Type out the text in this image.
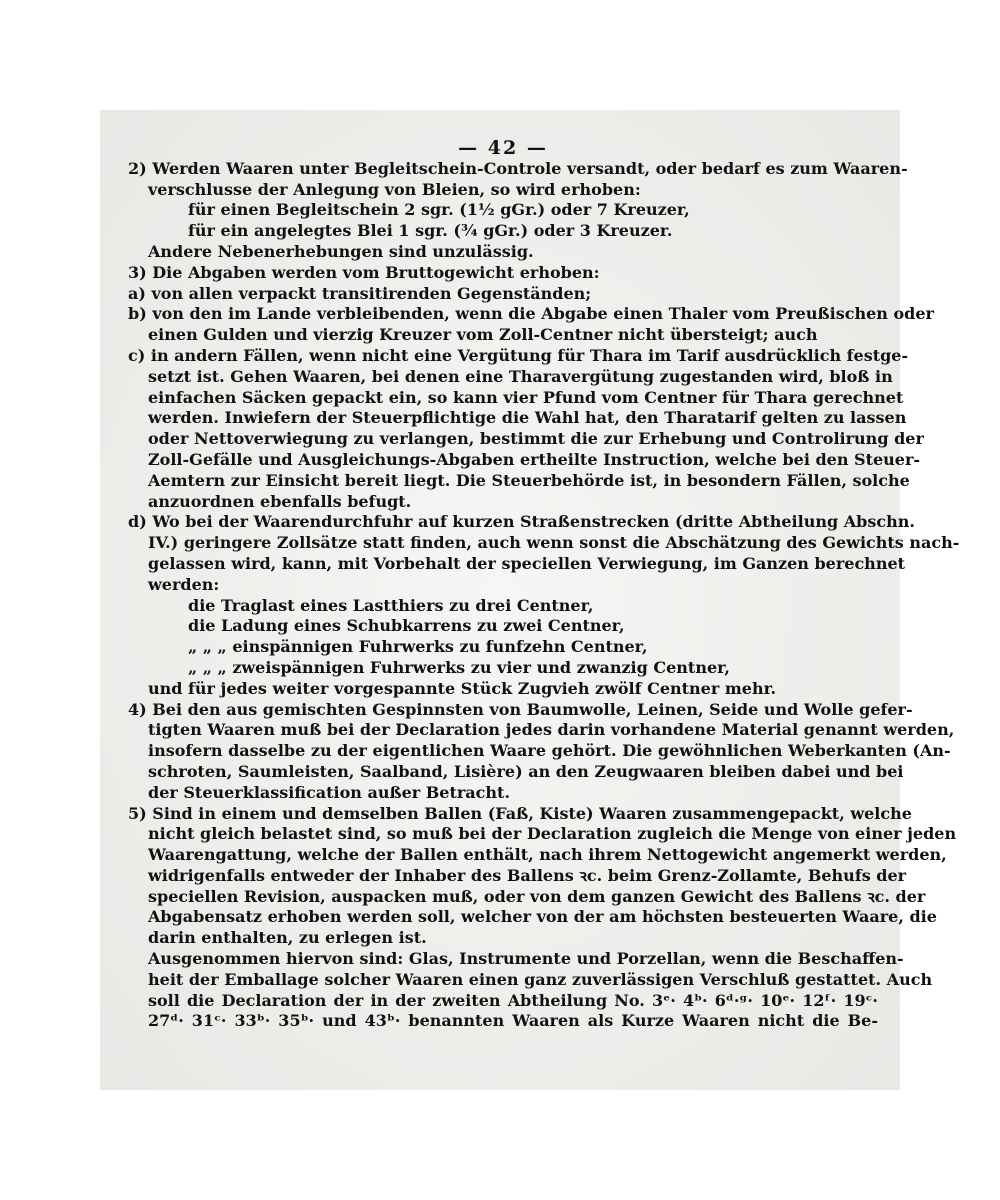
— 42 —
2) Werden Waaren unter Begleitschein-Controle versandt, oder bedarf es zum Waaren-
verschlusse der Anlegung von Bleien, so wird erhoben:
für einen Begleitschein 2 sgr. (1½ gGr.) oder 7 Kreuzer,
für ein angelegtes Blei 1 sgr. (¾ gGr.) oder 3 Kreuzer.
Andere Nebenerhebungen sind unzulässig.
3) Die Abgaben werden vom Bruttogewicht erhoben:
a) von allen verpackt transitirenden Gegenständen;
b) von den im Lande verbleibenden, wenn die Abgabe einen Thaler vom Preußischen oder
einen Gulden und vierzig Kreuzer vom Zoll-Centner nicht übersteigt; auch
c) in andern Fällen, wenn nicht eine Vergütung für Thara im Tarif ausdrücklich festge-
setzt ist. Gehen Waaren, bei denen eine Tharavergütung zugestanden wird, bloß in
einfachen Säcken gepackt ein, so kann vier Pfund vom Centner für Thara gerechnet
werden. Inwiefern der Steuerpflichtige die Wahl hat, den Tharatarif gelten zu lassen
oder Nettoverwiegung zu verlangen, bestimmt die zur Erhebung und Controlirung der
Zoll-Gefälle und Ausgleichungs-Abgaben ertheilte Instruction, welche bei den Steuer-
Aemtern zur Einsicht bereit liegt. Die Steuerbehörde ist, in besondern Fällen, solche
anzuordnen ebenfalls befugt.
d) Wo bei der Waarendurchfuhr auf kurzen Straßenstrecken (dritte Abtheilung Abschn.
IV.) geringere Zollsätze statt finden, auch wenn sonst die Abschätzung des Gewichts nach-
gelassen wird, kann, mit Vorbehalt der speciellen Verwiegung, im Ganzen berechnet
werden:
die Traglast eines Lastthiers zu drei Centner,
die Ladung eines Schubkarrens zu zwei Centner,
„ „ „ einspännigen Fuhrwerks zu funfzehn Centner,
„ „ „ zweispännigen Fuhrwerks zu vier und zwanzig Centner,
und für jedes weiter vorgespannte Stück Zugvieh zwölf Centner mehr.
4) Bei den aus gemischten Gespinnsten von Baumwolle, Leinen, Seide und Wolle gefer-
tigten Waaren muß bei der Declaration jedes darin vorhandene Material genannt werden,
insofern dasselbe zu der eigentlichen Waare gehört. Die gewöhnlichen Weberkanten (An-
schroten, Saumleisten, Saalband, Lisière) an den Zeugwaaren bleiben dabei und bei
der Steuerklassification außer Betracht.
5) Sind in einem und demselben Ballen (Faß, Kiste) Waaren zusammengepackt, welche
nicht gleich belastet sind, so muß bei der Declaration zugleich die Menge von einer jeden
Waarengattung, welche der Ballen enthält, nach ihrem Nettogewicht angemerkt werden,
widrigenfalls entweder der Inhaber des Ballens ꝛc. beim Grenz-Zollamte, Behufs der
speciellen Revision, auspacken muß, oder von dem ganzen Gewicht des Ballens ꝛc. der
Abgabensatz erhoben werden soll, welcher von der am höchsten besteuerten Waare, die
darin enthalten, zu erlegen ist.
Ausgenommen hiervon sind: Glas, Instrumente und Porzellan, wenn die Beschaffen-
heit der Emballage solcher Waaren einen ganz zuverlässigen Verschluß gestattet. Auch
soll die Declaration der in der zweiten Abtheilung No. 3ᵉ· 4ᵇ· 6ᵈ·ᵍ· 10ᵉ· 12ᶠ· 19ᶜ·
27ᵈ· 31ᶜ· 33ᵇ· 35ᵇ· und 43ᵇ· benannten Waaren als Kurze Waaren nicht die Be-
